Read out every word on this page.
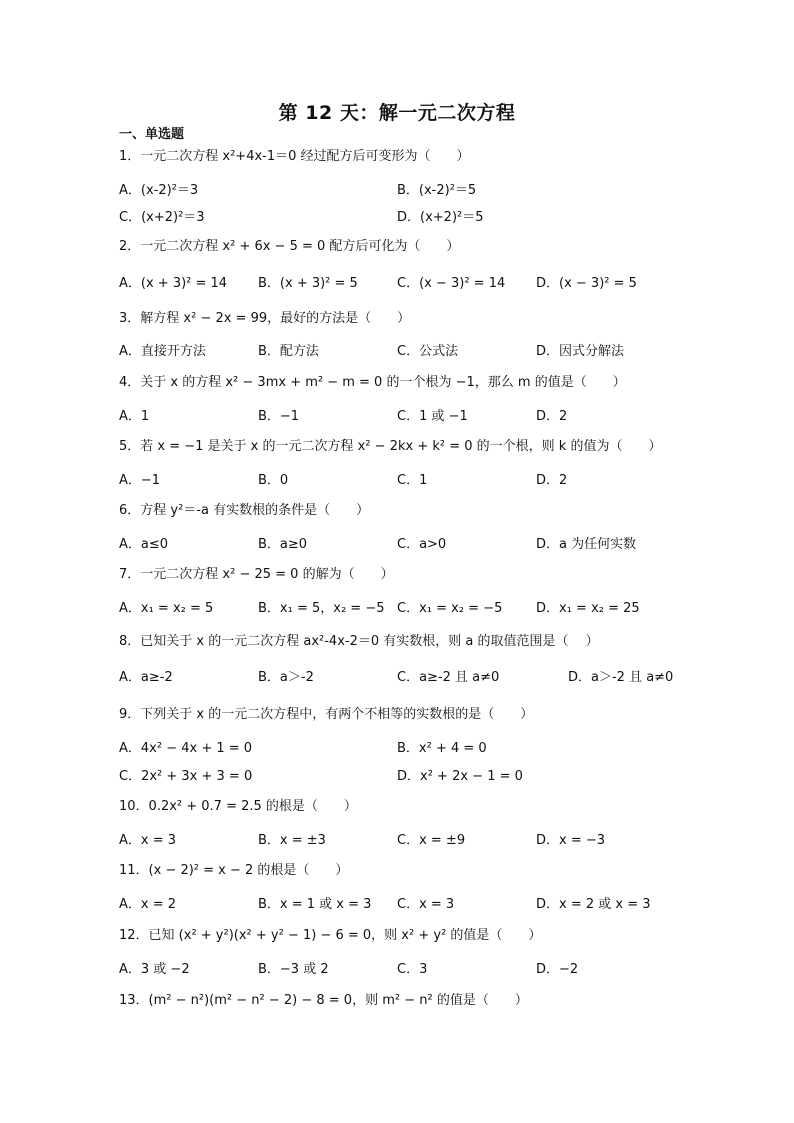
第 12 天：解一元二次方程
一、单选题
1．一元二次方程 x²+4x-1＝0 经过配方后可变形为（　　）
A．(x-2)²＝3	B．(x-2)²＝5
C．(x+2)²＝3	D．(x+2)²＝5
2．一元二次方程 x² + 6x − 5 = 0 配方后可化为（　　）
A．(x + 3)² = 14 B．(x + 3)² = 5	C．(x − 3)² = 14 D．(x − 3)² = 5
3．解方程 x² − 2x = 99，最好的方法是（　　）
A．直接开方法	B．配方法	C．公式法	D．因式分解法
4．关于 x 的方程 x² − 3mx + m² − m = 0 的一个根为 −1，那么 m 的值是（　　）
A．1	B．−1	C．1 或 −1	D．2
5．若 x = −1 是关于 x 的一元二次方程 x² − 2kx + k² = 0 的一个根，则 k 的值为（　　）
A．−1	B．0	C．1	D．2
6．方程 y²＝-a 有实数根的条件是（　　）
A．a≤0	B．a≥0	C．a>0	D．a 为任何实数
7．一元二次方程 x² − 25 = 0 的解为（　　）
A．x₁ = x₂ = 5	B．x₁ = 5，x₂ = −5 C．x₁ = x₂ = −5	D．x₁ = x₂ = 25
8．已知关于 x 的一元二次方程 ax²-4x-2＝0 有实数根，则 a 的取值范围是（　 ）
A．a≥-2	B．a＞-2	C．a≥-2 且 a≠0	D．a＞-2 且 a≠0
9．下列关于 x 的一元二次方程中，有两个不相等的实数根的是（　　）
A．4x² − 4x + 1 = 0	B．x² + 4 = 0
C．2x² + 3x + 3 = 0	D．x² + 2x − 1 = 0
10．0.2x² + 0.7 = 2.5 的根是（　　）
A．x = 3	B．x = ±3	C．x = ±9	D．x = −3
11．(x − 2)² = x − 2 的根是（　　）
A．x = 2	B．x = 1 或 x = 3 C．x = 3	D．x = 2 或 x = 3
12．已知 (x² + y²)(x² + y² − 1) − 6 = 0，则 x² + y² 的值是（　　）
A．3 或 −2	B．−3 或 2	C．3	D．−2
13．(m² − n²)(m² − n² − 2) − 8 = 0，则 m² − n² 的值是（　　）
